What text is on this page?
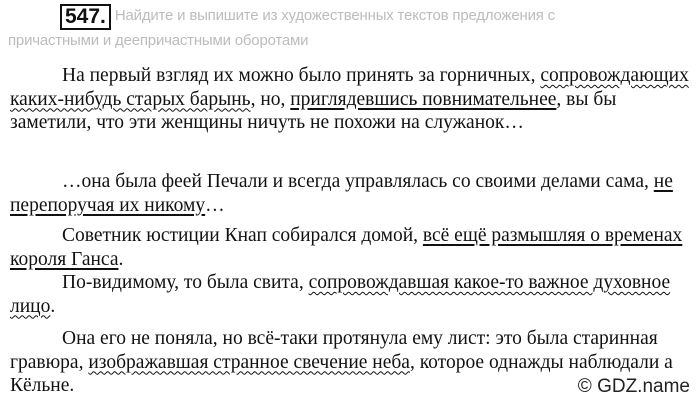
547. Найдите и выпишите из художественных текстов предложения с
причастными и деепричастными оборотами

На первый взгляд их можно было принять за горничных, сопровождающих каких-нибудь старых барынь, но, приглядевшись повнимательнее, вы бы заметили, что эти женщины ничуть не похожи на служанок…

…она была феей Печали и всегда управлялась со своими делами сама, не перепоручая их никому…

Советник юстиции Кнап собирался домой, всё ещё размышляя о временах короля Ганса.

По-видимому, то была свита, сопровождавшая какое-то важное духовное лицо.

Она его не поняла, но всё-таки протянула ему лист: это была старинная гравюра, изображавшая странное свечение неба, которое однажды наблюдали а Кёльне.	© GDZ.name
